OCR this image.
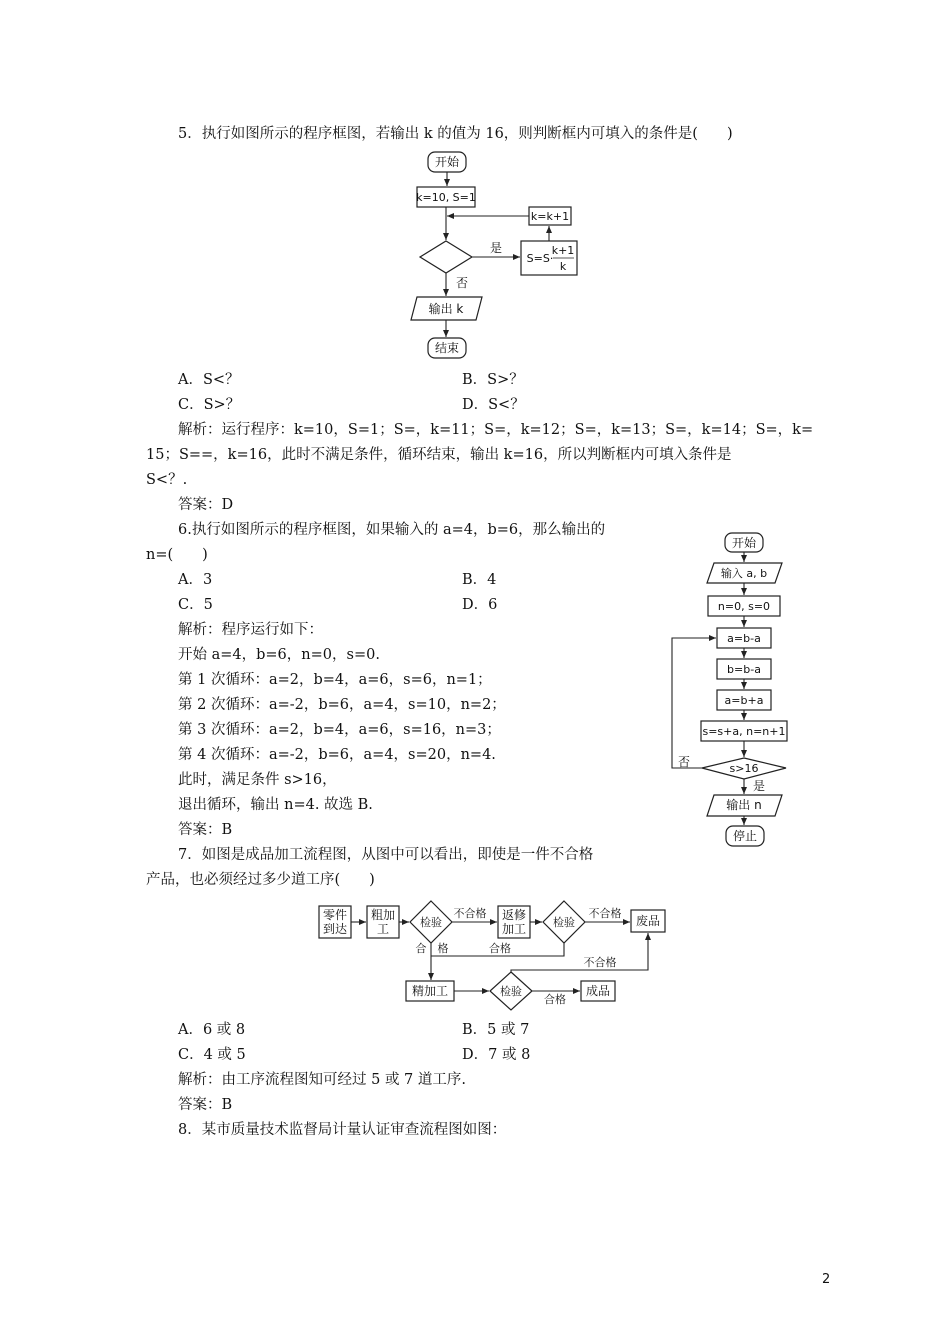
5．执行如图所示的程序框图，若输出 k 的值为 16，则判断框内可填入的条件是(　　)
开始
k=10, S=1
是
S=S·
k+1
k
k=k+1
否
输出 k
结束
A．S<？	B．S>？
C．S>？	D．S<？
解析：运行程序：k=10，S=1；S=，k=11；S=，k=12；S=，k=13；S=，k=14；S=，k=
15；S==，k=16，此时不满足条件，循环结束，输出 k=16，所以判断框内可填入条件是
S<？.
答案：D
6.执行如图所示的程序框图，如果输入的 a=4，b=6，那么输出的
n=(　　)
A．3	B．4
C．5	D．6
解析：程序运行如下：
开始 a=4，b=6，n=0，s=0.
第 1 次循环：a=2，b=4，a=6，s=6，n=1；
第 2 次循环：a=-2，b=6，a=4，s=10，n=2；
第 3 次循环：a=2，b=4，a=6，s=16，n=3；
第 4 次循环：a=-2，b=6，a=4，s=20，n=4.
此时，满足条件 s>16，
退出循环，输出 n=4. 故选 B.
答案：B
开始
输入 a, b
n=0, s=0
a=b-a
b=b-a
a=b+a
s=s+a, n=n+1
s>16
否
是
输出 n
停止
7．如图是成品加工流程图，从图中可以看出，即使是一件不合格
产品，也必须经过多少道工序(　　)
零件
到达
粗加
工	检验
不合格 返修
加工 检验
不合格
废品
合格
合　格
精加工	检验
合格
成品
不合格
A．6 或 8	B．5 或 7
C．4 或 5	D．7 或 8
解析：由工序流程图知可经过 5 或 7 道工序.
答案：B
8．某市质量技术监督局计量认证审查流程图如图：
2
